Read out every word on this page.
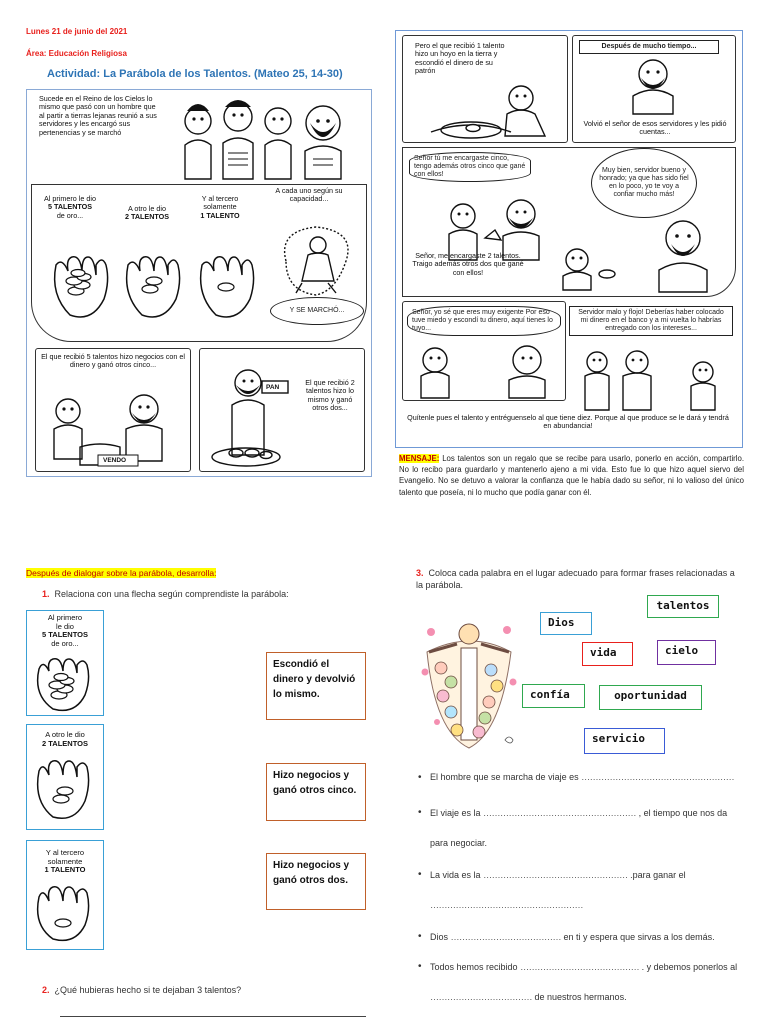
Lunes 21 de junio del 2021
Área: Educación Religiosa
Actividad: La Parábola de los Talentos. (Mateo 25, 14-30)
Sucede en el Reino de los Cielos lo mismo que pasó con un hombre que al partir a tierras lejanas reunió a sus servidores y les encargó sus pertenencias y se marchó
Al primero le dio
5 TALENTOS
de oro...
A otro le dio
2 TALENTOS
Y al tercero solamente
1 TALENTO
A cada uno según su capacidad...
Y SE MARCHÓ...
El que recibió 5 talentos hizo negocios con el dinero y ganó otros cinco...
VENDO
PAN
El que recibió 2 talentos hizo lo mismo y ganó otros dos...
Pero el que recibió 1 talento hizo un hoyo en la tierra y escondió el dinero de su patrón
Después de mucho tiempo...
Volvió el señor de esos servidores y les pidió cuentas...
Señor tú me encargaste cinco, tengo además otros cinco que gané con ellos!
Muy bien, servidor bueno y honrado; ya que has sido fiel en lo poco, yo te voy a confiar mucho más!
Señor, me encargaste 2 talentos. Traigo además otros dos que gané con ellos!
Señor, yo sé que eres muy exigente Por eso tuve miedo y escondí tu dinero, aquí tienes lo tuyo...
Servidor malo y flojo! Deberías haber colocado mi dinero en el banco y a mi vuelta lo habrías entregado con los intereses...
Quítenle pues el talento y entréguenselo al que tiene diez. Porque al que produce se le dará y tendrá en abundancia!
MENSAJE: Los talentos son un regalo que se recibe para usarlo, ponerlo en acción, compartirlo. No lo recibo para guardarlo y mantenerlo ajeno a mi vida. Esto fue lo que hizo aquel siervo del Evangelio. No se detuvo a valorar la confianza que le había dado su señor, ni lo valioso del único talento que poseía, ni lo mucho que podía ganar con él.
Después de dialogar sobre la parábola, desarrolla:
1. Relaciona con una flecha según comprendiste la parábola:
Al primero
le dio
5 TALENTOS
de oro...
A otro le dio
2 TALENTOS
Y al tercero
solamente
1 TALENTO
Escondió el dinero y devolvió lo mismo.
Hizo negocios y ganó otros cinco.
Hizo negocios y ganó otros dos.
2. ¿Qué hubieras hecho si te dejaban 3 talentos?
3. Coloca cada palabra en el lugar adecuado para formar frases relacionadas a la parábola.
talentos
Dios
vida	cielo
confía	oportunidad
servicio
• El hombre que se marcha de viaje es ………………………………………………
• El viaje es la ……………………………………………… , el tiempo que nos da para negociar.
• La vida es la …………………………………………… .para ganar el ………………………………………………
• Dios ………………………………… en ti y espera que sirvas a los demás.
• Todos hemos recibido …………………………………… . y debemos ponerlos al ……………………………… de nuestros hermanos.
